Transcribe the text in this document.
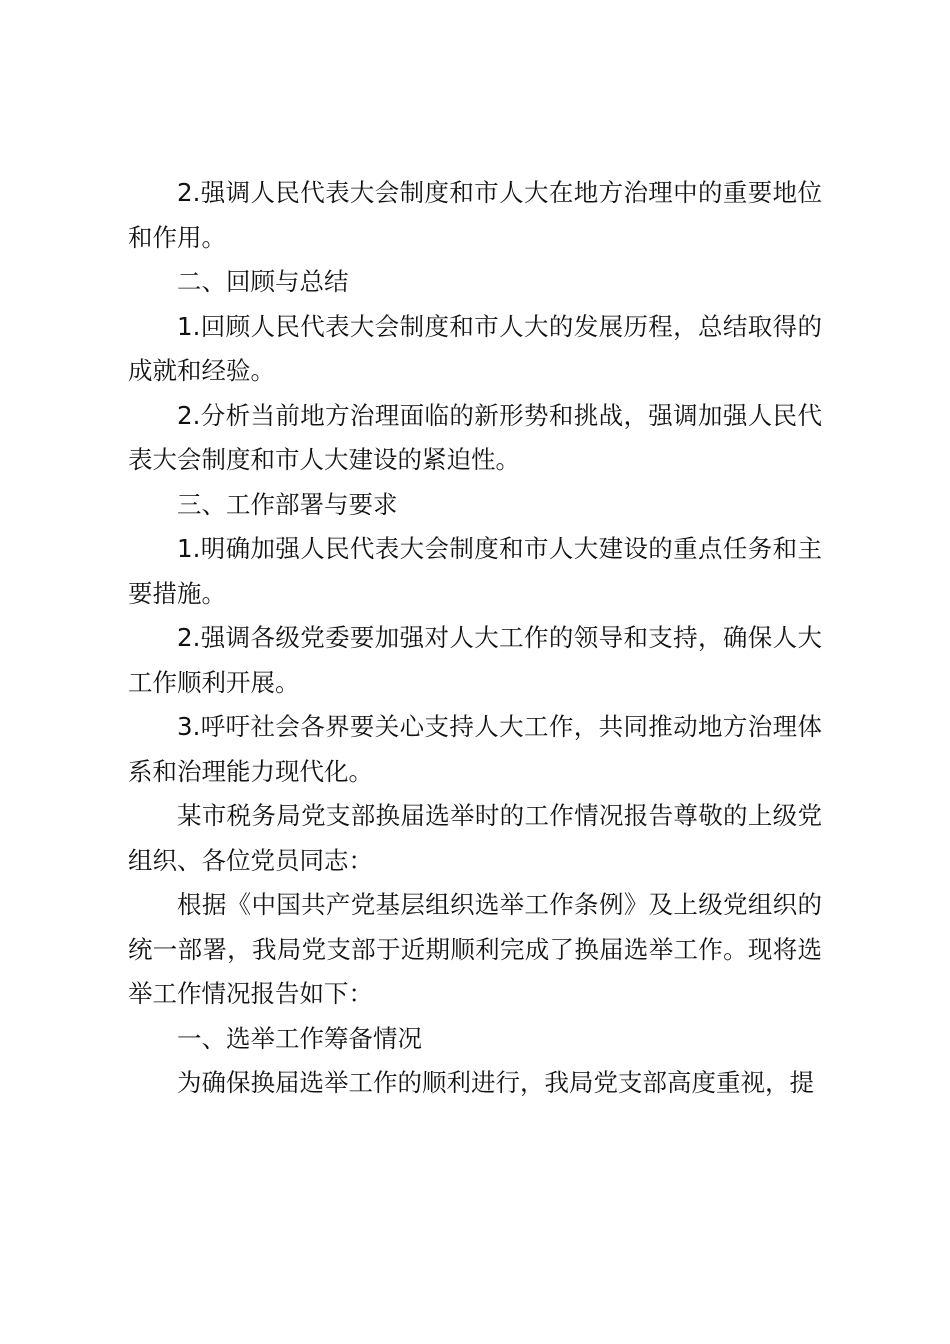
2.强调人民代表大会制度和市人大在地方治理中的重要地位和作用。

二、回顾与总结

1.回顾人民代表大会制度和市人大的发展历程，总结取得的成就和经验。

2.分析当前地方治理面临的新形势和挑战，强调加强人民代表大会制度和市人大建设的紧迫性。

三、工作部署与要求

1.明确加强人民代表大会制度和市人大建设的重点任务和主要措施。

2.强调各级党委要加强对人大工作的领导和支持，确保人大工作顺利开展。

3.呼吁社会各界要关心支持人大工作，共同推动地方治理体系和治理能力现代化。

某市税务局党支部换届选举时的工作情况报告尊敬的上级党组织、各位党员同志：

根据《中国共产党基层组织选举工作条例》及上级党组织的统一部署，我局党支部于近期顺利完成了换届选举工作。现将选举工作情况报告如下：

一、选举工作筹备情况

为确保换届选举工作的顺利进行，我局党支部高度重视，提
